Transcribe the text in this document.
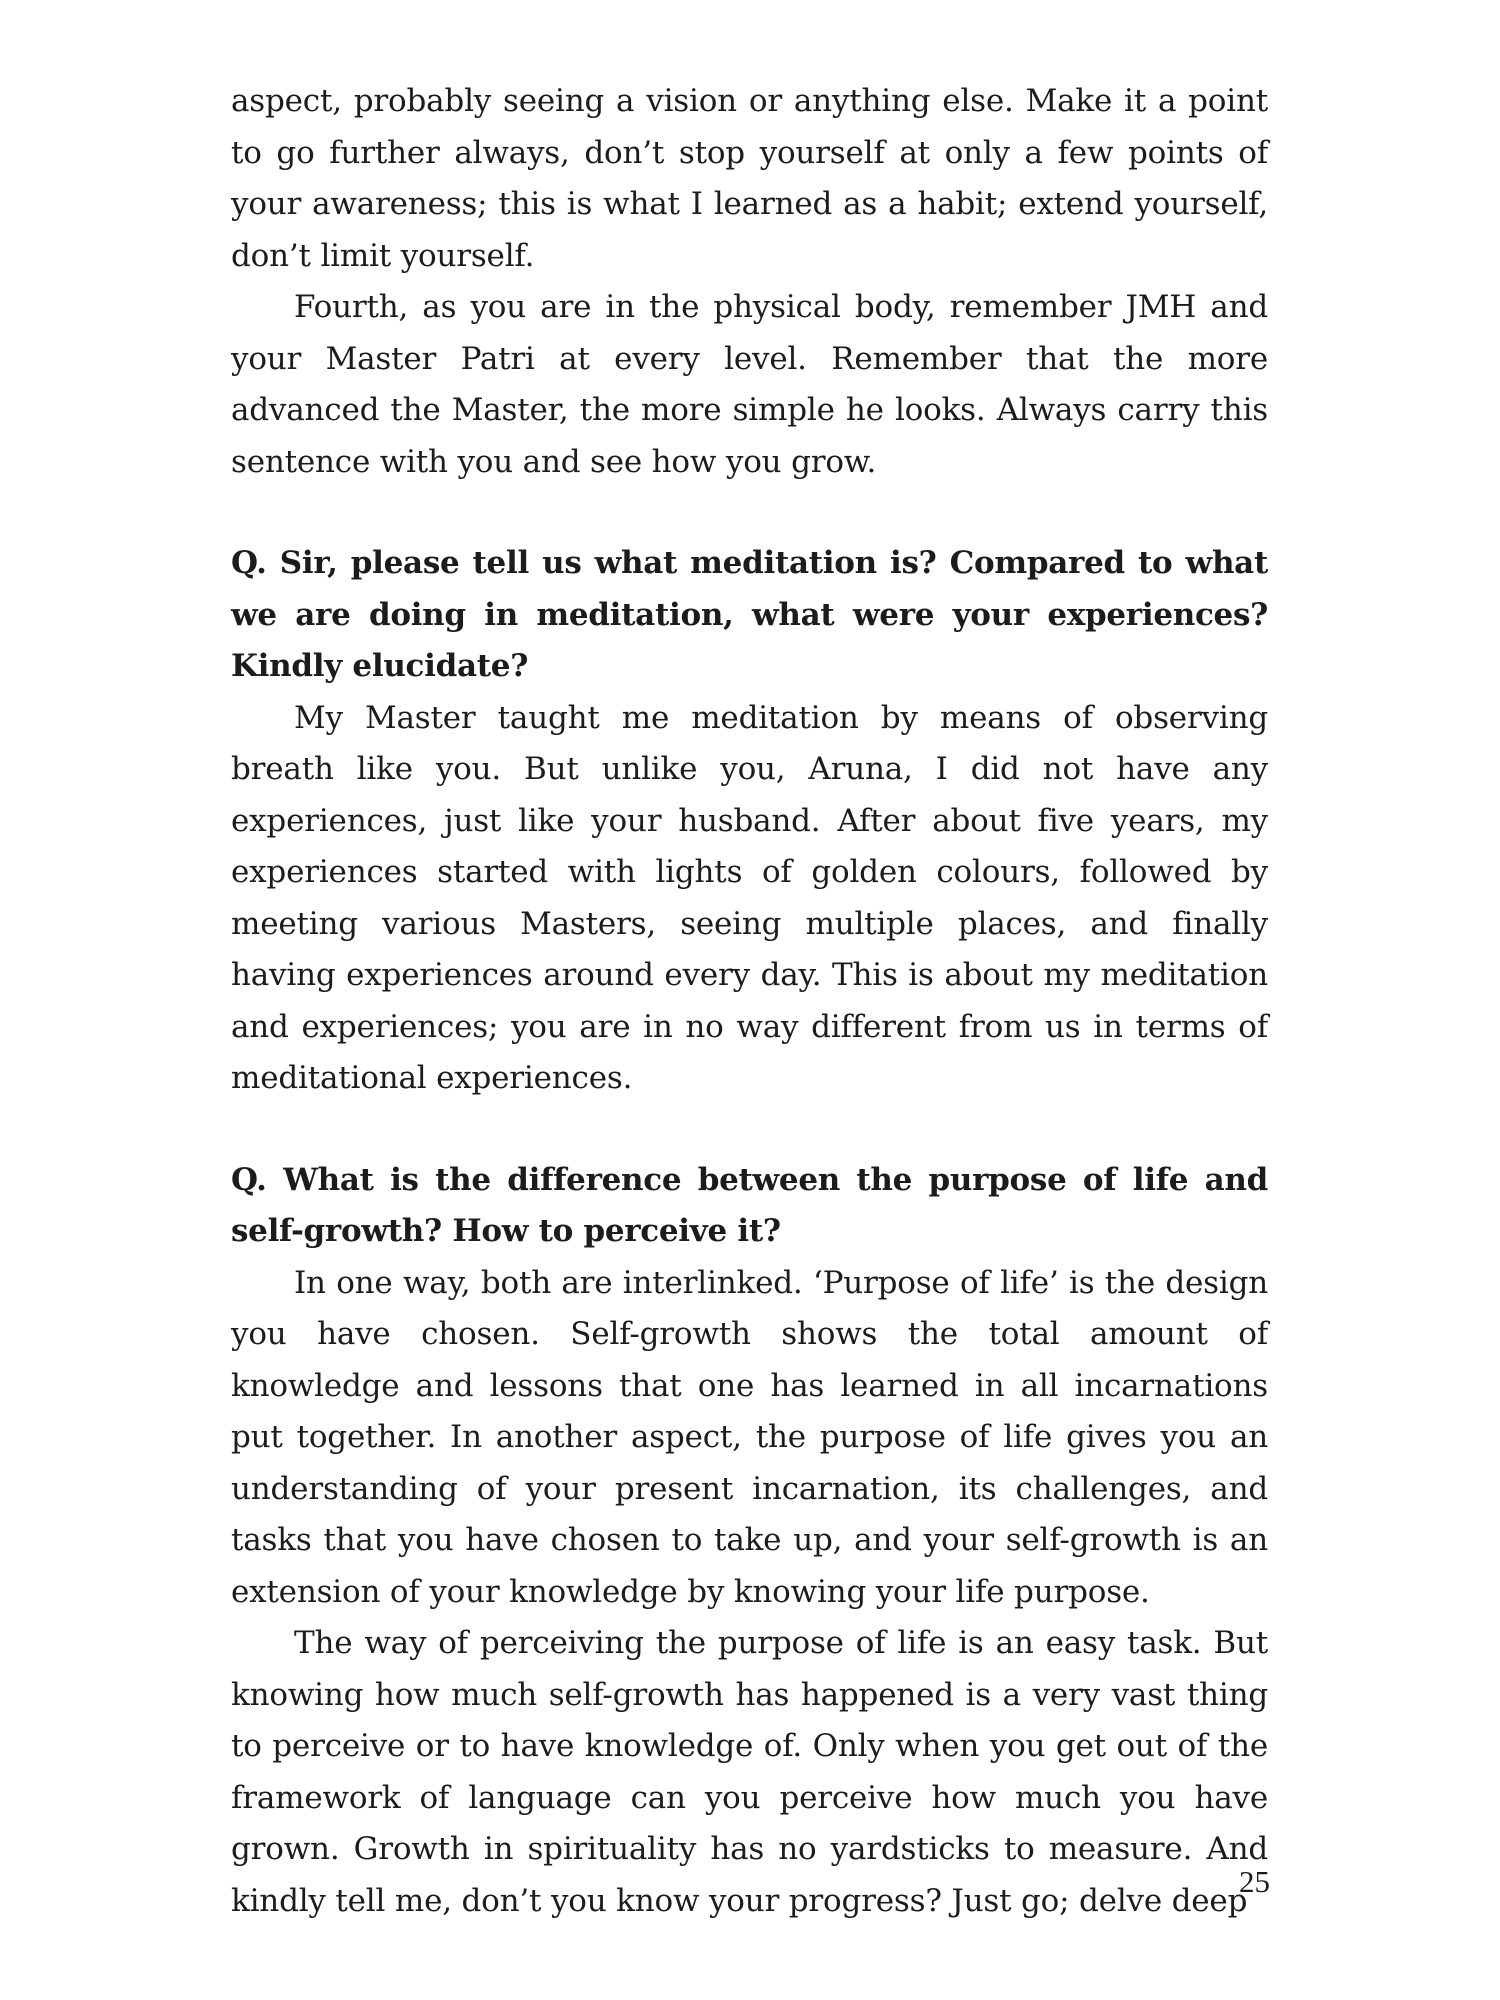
aspect, probably seeing a vision or anything else. Make it a point to go further always, don’t stop yourself at only a few points of your awareness; this is what I learned as a habit; extend yourself, don’t limit yourself.

Fourth, as you are in the physical body, remember JMH and your Master Patri at every level. Remember that the more advanced the Master, the more simple he looks. Always carry this sentence with you and see how you grow.

Q. Sir, please tell us what meditation is? Compared to what we are doing in meditation, what were your experiences? Kindly elucidate?

My Master taught me meditation by means of observing breath like you. But unlike you, Aruna, I did not have any experiences, just like your husband. After about five years, my experiences started with lights of golden colours, followed by meeting various Masters, seeing multiple places, and finally having experiences around every day. This is about my meditation and experiences; you are in no way different from us in terms of meditational experiences.

Q. What is the difference between the purpose of life and self-growth? How to perceive it?

In one way, both are interlinked. ‘Purpose of life’ is the design you have chosen. Self-growth shows the total amount of knowledge and lessons that one has learned in all incarnations put together. In another aspect, the purpose of life gives you an understanding of your present incarnation, its challenges, and tasks that you have chosen to take up, and your self-growth is an extension of your knowledge by knowing your life purpose.

The way of perceiving the purpose of life is an easy task. But knowing how much self-growth has happened is a very vast thing to perceive or to have knowledge of. Only when you get out of the framework of language can you perceive how much you have grown. Growth in spirituality has no yardsticks to measure. And kindly tell me, don’t you know your progress? Just go; delve deep

25
